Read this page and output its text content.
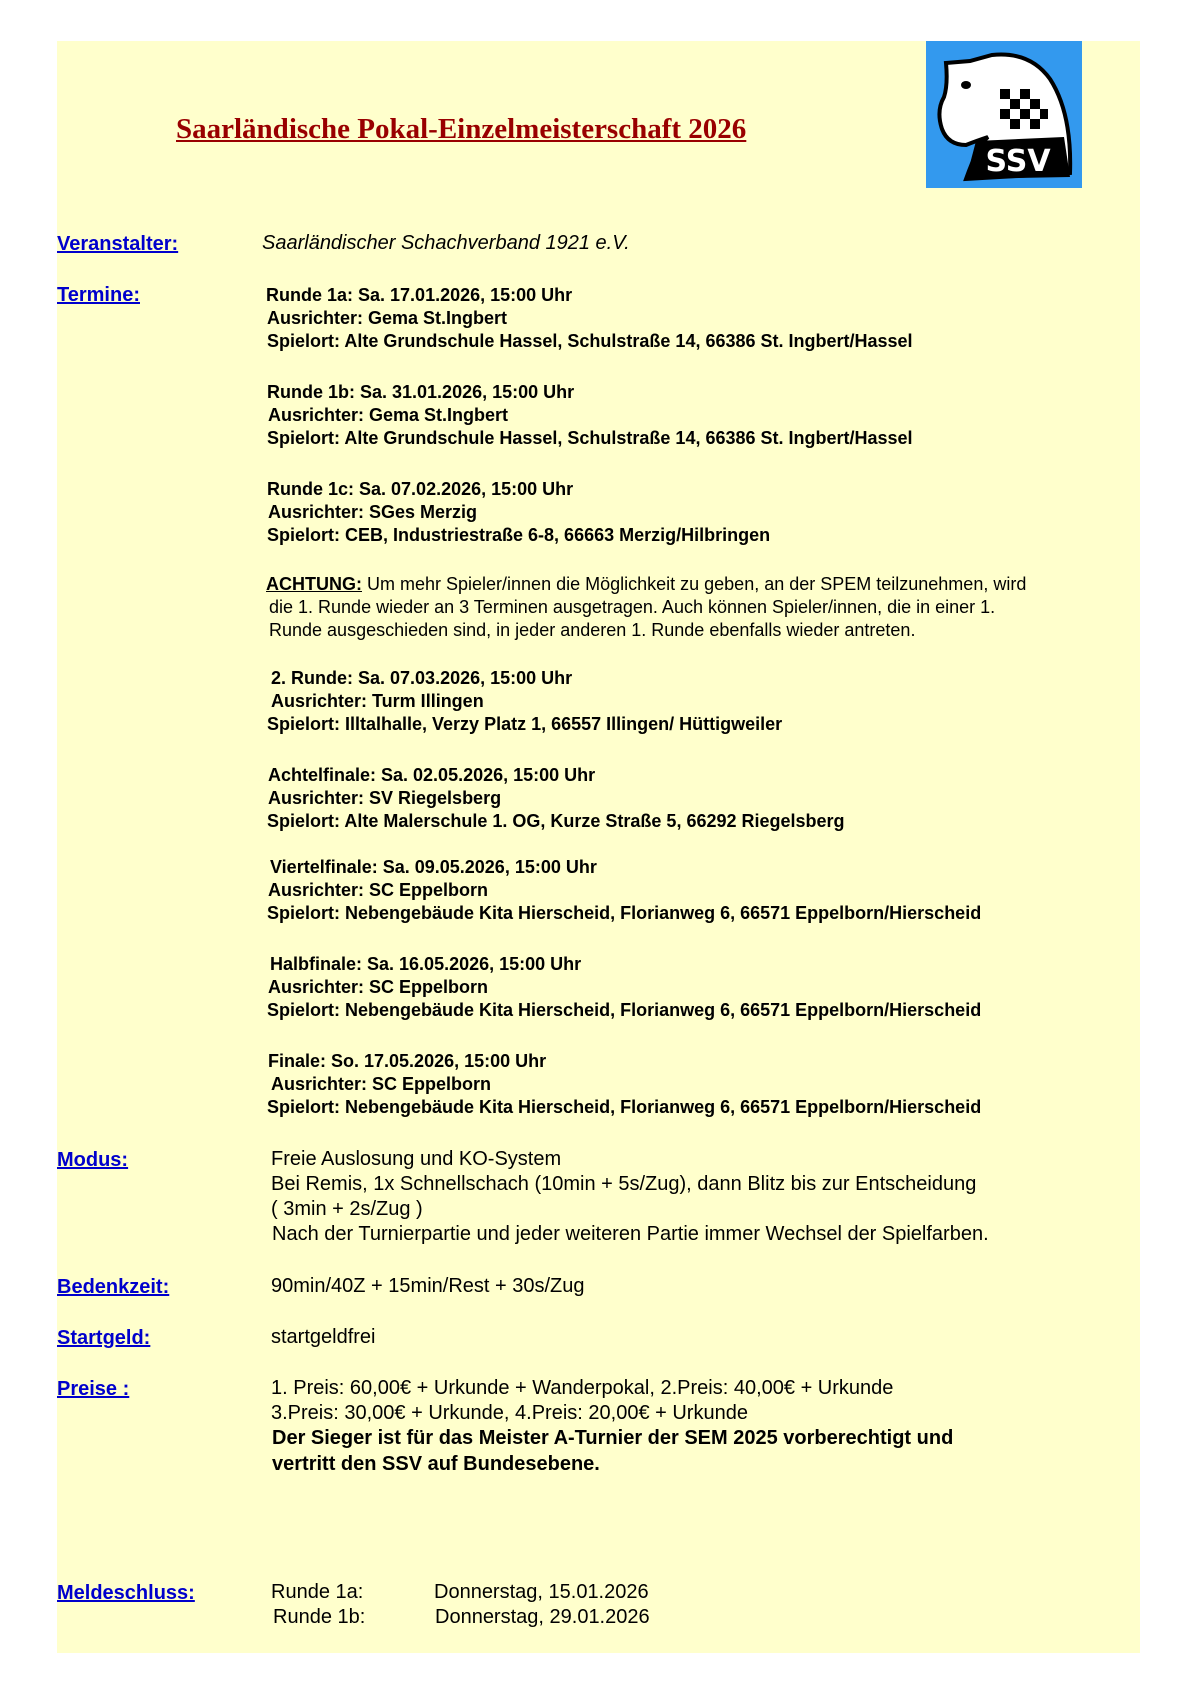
Saarländische Pokal-Einzelmeisterschaft 2026
SSV
Veranstalter:	Saarländischer Schachverband 1921 e.V.
Termine:	Runde 1a: Sa. 17.01.2026, 15:00 Uhr
Ausrichter: Gema St.Ingbert
Spielort: Alte Grundschule Hassel, Schulstraße 14, 66386 St. Ingbert/Hassel
Runde 1b: Sa. 31.01.2026, 15:00 Uhr
Ausrichter: Gema St.Ingbert
Spielort: Alte Grundschule Hassel, Schulstraße 14, 66386 St. Ingbert/Hassel
Runde 1c: Sa. 07.02.2026, 15:00 Uhr
Ausrichter: SGes Merzig
Spielort: CEB, Industriestraße 6-8, 66663 Merzig/Hilbringen
ACHTUNG: Um mehr Spieler/innen die Möglichkeit zu geben, an der SPEM teilzunehmen, wird
die 1. Runde wieder an 3 Terminen ausgetragen. Auch können Spieler/innen, die in einer 1.
Runde ausgeschieden sind, in jeder anderen 1. Runde ebenfalls wieder antreten.
2. Runde: Sa. 07.03.2026, 15:00 Uhr
Ausrichter: Turm Illingen
Spielort: Illtalhalle, Verzy Platz 1, 66557 Illingen/ Hüttigweiler
Achtelfinale: Sa. 02.05.2026, 15:00 Uhr
Ausrichter: SV Riegelsberg
Spielort: Alte Malerschule 1. OG, Kurze Straße 5, 66292 Riegelsberg
Viertelfinale: Sa. 09.05.2026, 15:00 Uhr
Ausrichter: SC Eppelborn
Spielort: Nebengebäude Kita Hierscheid, Florianweg 6, 66571 Eppelborn/Hierscheid
Halbfinale: Sa. 16.05.2026, 15:00 Uhr
Ausrichter: SC Eppelborn
Spielort: Nebengebäude Kita Hierscheid, Florianweg 6, 66571 Eppelborn/Hierscheid
Finale: So. 17.05.2026, 15:00 Uhr
Ausrichter: SC Eppelborn
Spielort: Nebengebäude Kita Hierscheid, Florianweg 6, 66571 Eppelborn/Hierscheid
Modus:	Freie Auslosung und KO-System
Bei Remis, 1x Schnellschach (10min + 5s/Zug), dann Blitz bis zur Entscheidung
( 3min + 2s/Zug )
Nach der Turnierpartie und jeder weiteren Partie immer Wechsel der Spielfarben.
Bedenkzeit:	90min/40Z + 15min/Rest + 30s/Zug
Startgeld:	startgeldfrei
Preise :	1. Preis: 60,00€ + Urkunde + Wanderpokal, 2.Preis: 40,00€ + Urkunde
3.Preis: 30,00€ + Urkunde, 4.Preis: 20,00€ + Urkunde
Der Sieger ist für das Meister A-Turnier der SEM 2025 vorberechtigt und
vertritt den SSV auf Bundesebene.
Meldeschluss:	Runde 1a:	Donnerstag, 15.01.2026
Runde 1b:	Donnerstag, 29.01.2026
